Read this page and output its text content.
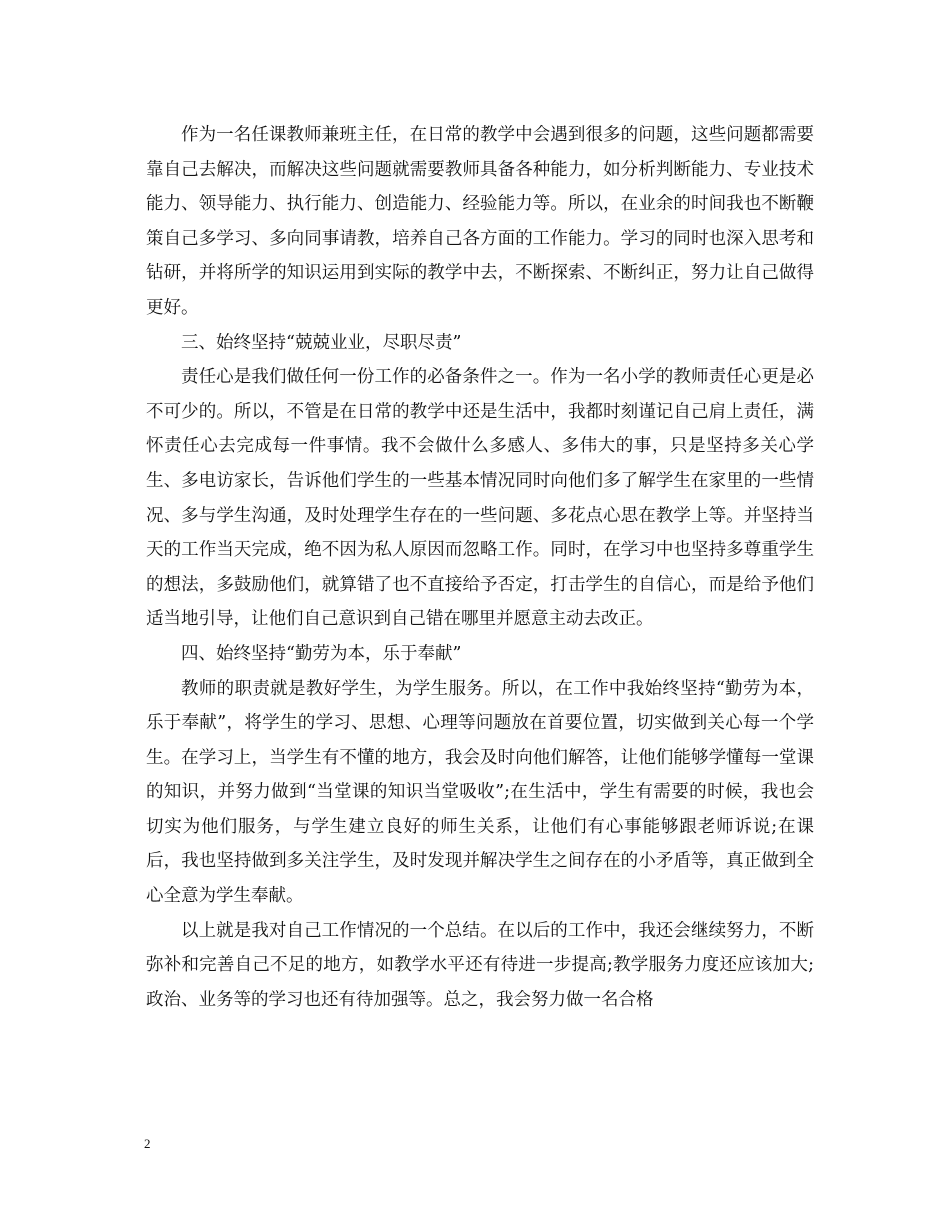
作为一名任课教师兼班主任，在日常的教学中会遇到很多的问题，这些问题都需要靠自己去解决，而解决这些问题就需要教师具备各种能力，如分析判断能力、专业技术能力、领导能力、执行能力、创造能力、经验能力等。所以，在业余的时间我也不断鞭策自己多学习、多向同事请教，培养自己各方面的工作能力。学习的同时也深入思考和钻研，并将所学的知识运用到实际的教学中去，不断探索、不断纠正，努力让自己做得更好。

三、始终坚持“兢兢业业，尽职尽责”

责任心是我们做任何一份工作的必备条件之一。作为一名小学的教师责任心更是必不可少的。所以，不管是在日常的教学中还是生活中，我都时刻谨记自己肩上责任，满怀责任心去完成每一件事情。我不会做什么多感人、多伟大的事，只是坚持多关心学生、多电访家长，告诉他们学生的一些基本情况同时向他们多了解学生在家里的一些情况、多与学生沟通，及时处理学生存在的一些问题、多花点心思在教学上等。并坚持当天的工作当天完成，绝不因为私人原因而忽略工作。同时，在学习中也坚持多尊重学生的想法，多鼓励他们，就算错了也不直接给予否定，打击学生的自信心，而是给予他们适当地引导，让他们自己意识到自己错在哪里并愿意主动去改正。

四、始终坚持“勤劳为本，乐于奉献”

教师的职责就是教好学生，为学生服务。所以，在工作中我始终坚持“勤劳为本，乐于奉献”，将学生的学习、思想、心理等问题放在首要位置，切实做到关心每一个学生。在学习上，当学生有不懂的地方，我会及时向他们解答，让他们能够学懂每一堂课的知识，并努力做到“当堂课的知识当堂吸收”;在生活中，学生有需要的时候，我也会切实为他们服务，与学生建立良好的师生关系，让他们有心事能够跟老师诉说;在课后，我也坚持做到多关注学生，及时发现并解决学生之间存在的小矛盾等，真正做到全心全意为学生奉献。

以上就是我对自己工作情况的一个总结。在以后的工作中，我还会继续努力，不断弥补和完善自己不足的地方，如教学水平还有待进一步提高;教学服务力度还应该加大;政治、业务等的学习也还有待加强等。总之，我会努力做一名合格

2
